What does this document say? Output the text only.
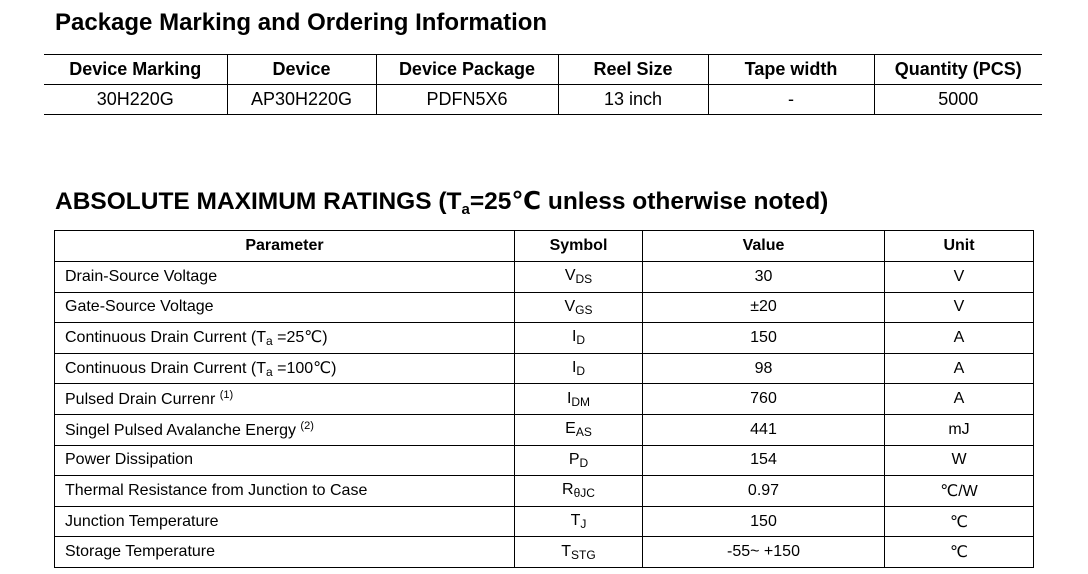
Package Marking and Ordering Information
Device Marking	Device	Device Package	Reel Size	Tape width	Quantity (PCS)
30H220G	AP30H220G	PDFN5X6	13 inch	-	5000
ABSOLUTE MAXIMUM RATINGS ($T_a=25℃$ unless otherwise noted)
Parameter	Symbol	Value	Unit
Drain-Source Voltage	$V_{DS}$	30	V
Gate-Source Voltage	$V_{GS}$	±20	V
Continuous Drain Current ($T_a$ =25℃)	$I_D$	150	A
Continuous Drain Current ($T_a$ =100℃)	$I_D$	98	A
Pulsed Drain Currenr $^{(1)}$	$I_{DM}$	760	A
Singel Pulsed Avalanche Energy $^{(2)}$	$E_{AS}$	441	mJ
Power Dissipation	$P_D$	154	W
Thermal Resistance from Junction to Case	$R_{\theta JC}$	0.97	℃/W
Junction Temperature	$T_J$	150	℃
Storage Temperature	$T_{STG}$	-55~ +150	℃
